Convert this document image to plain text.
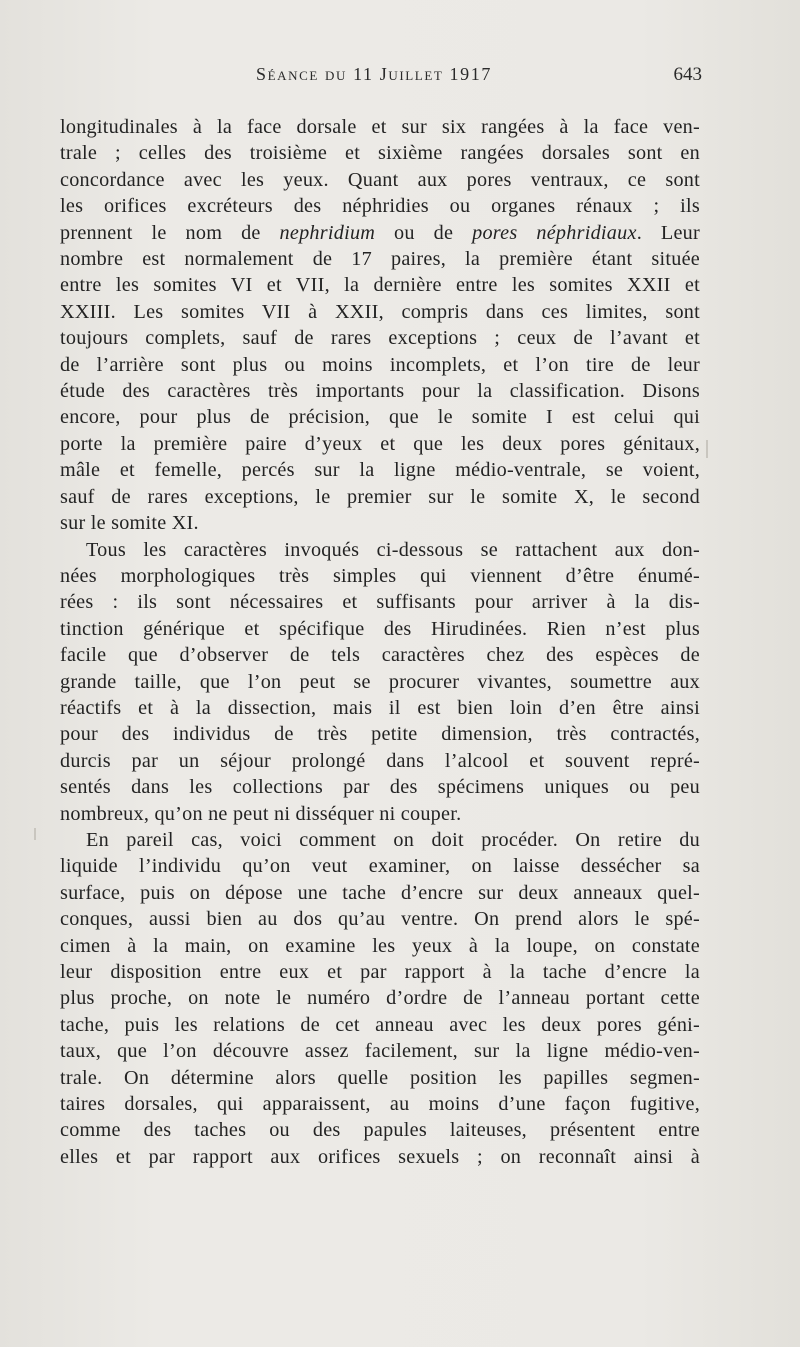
Séance du 11 Juillet 1917	643

longitudinales à la face dorsale et sur six rangées à la face ven-
trale ; celles des troisième et sixième rangées dorsales sont en
concordance avec les yeux. Quant aux pores ventraux, ce sont
les orifices excréteurs des néphridies ou organes rénaux ; ils
prennent le nom de nephridium ou de pores néphridiaux. Leur
nombre est normalement de 17 paires, la première étant située
entre les somites VI et VII, la dernière entre les somites XXII et
XXIII. Les somites VII à XXII, compris dans ces limites, sont
toujours complets, sauf de rares exceptions ; ceux de l’avant et
de l’arrière sont plus ou moins incomplets, et l’on tire de leur
étude des caractères très importants pour la classification. Disons
encore, pour plus de précision, que le somite I est celui qui
porte la première paire d’yeux et que les deux pores génitaux,
mâle et femelle, percés sur la ligne médio-ventrale, se voient,
sauf de rares exceptions, le premier sur le somite X, le second
sur le somite XI.

Tous les caractères invoqués ci-dessous se rattachent aux don-
nées morphologiques très simples qui viennent d’être énumé-
rées : ils sont nécessaires et suffisants pour arriver à la dis-
tinction générique et spécifique des Hirudinées. Rien n’est plus
facile que d’observer de tels caractères chez des espèces de
grande taille, que l’on peut se procurer vivantes, soumettre aux
réactifs et à la dissection, mais il est bien loin d’en être ainsi
pour des individus de très petite dimension, très contractés,
durcis par un séjour prolongé dans l’alcool et souvent repré-
sentés dans les collections par des spécimens uniques ou peu
nombreux, qu’on ne peut ni disséquer ni couper.

En pareil cas, voici comment on doit procéder. On retire du
liquide l’individu qu’on veut examiner, on laisse dessécher sa
surface, puis on dépose une tache d’encre sur deux anneaux quel-
conques, aussi bien au dos qu’au ventre. On prend alors le spé-
cimen à la main, on examine les yeux à la loupe, on constate
leur disposition entre eux et par rapport à la tache d’encre la
plus proche, on note le numéro d’ordre de l’anneau portant cette
tache, puis les relations de cet anneau avec les deux pores géni-
taux, que l’on découvre assez facilement, sur la ligne médio-ven-
trale. On détermine alors quelle position les papilles segmen-
taires dorsales, qui apparaissent, au moins d’une façon fugitive,
comme des taches ou des papules laiteuses, présentent entre
elles et par rapport aux orifices sexuels ; on reconnaît ainsi à
